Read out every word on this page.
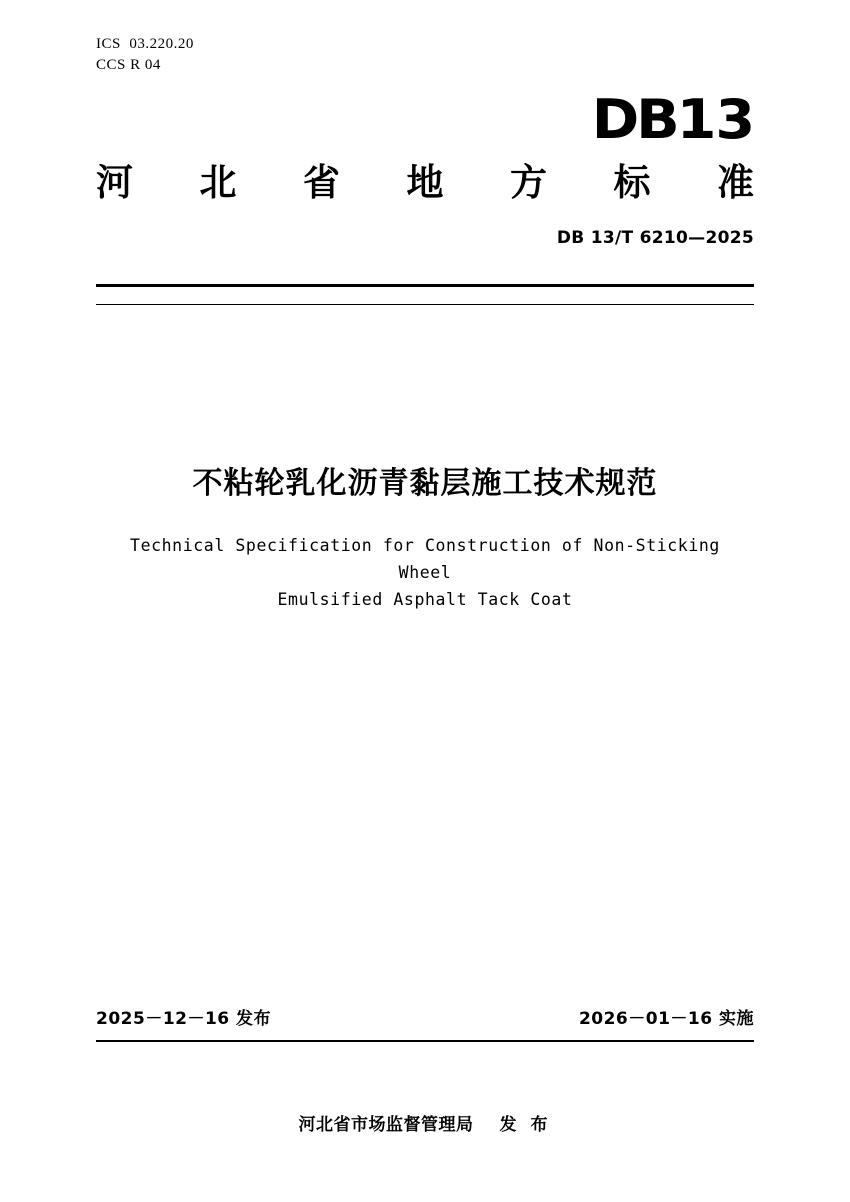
ICS 03.220.20
CCS R 04
DB13
河 北 省 地 方 标 准
DB 13/T 6210—2025
不粘轮乳化沥青黏层施工技术规范
Technical Specification for Construction of Non-Sticking Wheel
Emulsified Asphalt Tack Coat
2025－12－16 发布	2026－01－16 实施
河北省市场监督管理局 发 布
